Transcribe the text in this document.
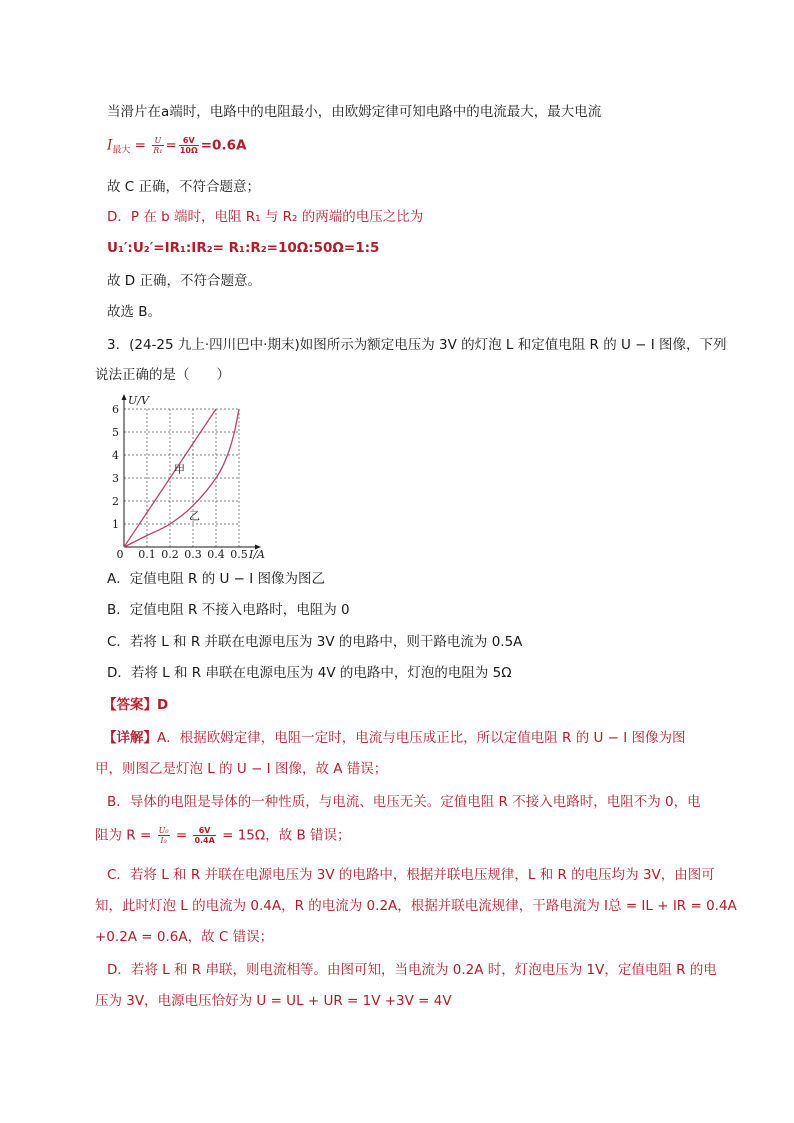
当滑片在a端时，电路中的电阻最小，由欧姆定律可知电路中的电流最大，最大电流
$I_{最大} = \frac{U}{\text{R₁}} = \frac{6V}{10\Omega} =0.6A$
故 C 正确，不符合题意；
D．P 在 b 端时，电阻 R₁ 与 R₂ 的两端的电压之比为
U₁′:U₂′=IR₁:IR₂= R₁:R₂=10Ω:50Ω=1:5
故 D 正确，不符合题意。
故选 B。
3．(24-25 九上·四川巴中·期末)如图所示为额定电压为 3V 的灯泡 L 和定值电阻 R 的 U − I 图像，下列
说法正确的是（　　）
0 0.1 0.2 0.3 0.4 0.5
1
2
3
4
5
6
甲
乙
U/V
I/A
A．定值电阻 R 的 U − I 图像为图乙
B．定值电阻 R 不接入电路时，电阻为 0
C．若将 L 和 R 并联在电源电压为 3V 的电路中，则干路电流为 0.5A
D．若将 L 和 R 串联在电源电压为 4V 的电路中，灯泡的电阻为 5Ω
【答案】D
【详解】A．根据欧姆定律，电阻一定时，电流与电压成正比，所以定值电阻 R 的 U − I 图像为图
甲，则图乙是灯泡 L 的 U − I 图像，故 A 错误；
B．导体的电阻是导体的一种性质，与电流、电压无关。定值电阻 R 不接入电路时，电阻不为 0，电
阻为 $R = \frac{\text{U₀}}{\text{I₀}} = \frac{6V}{0.4A} = 15\Omega$，故 B 错误；
C．若将 L 和 R 并联在电源电压为 3V 的电路中，根据并联电压规律，L 和 R 的电压均为 3V，由图可
知，此时灯泡 L 的电流为 0.4A，R 的电流为 0.2A，根据并联电流规律，干路电流为 I总 = IL + IR = 0.4A
+0.2A = 0.6A，故 C 错误；
D．若将 L 和 R 串联，则电流相等。由图可知，当电流为 0.2A 时，灯泡电压为 1V，定值电阻 R 的电
压为 3V，电源电压恰好为 U = UL + UR = 1V +3V = 4V
